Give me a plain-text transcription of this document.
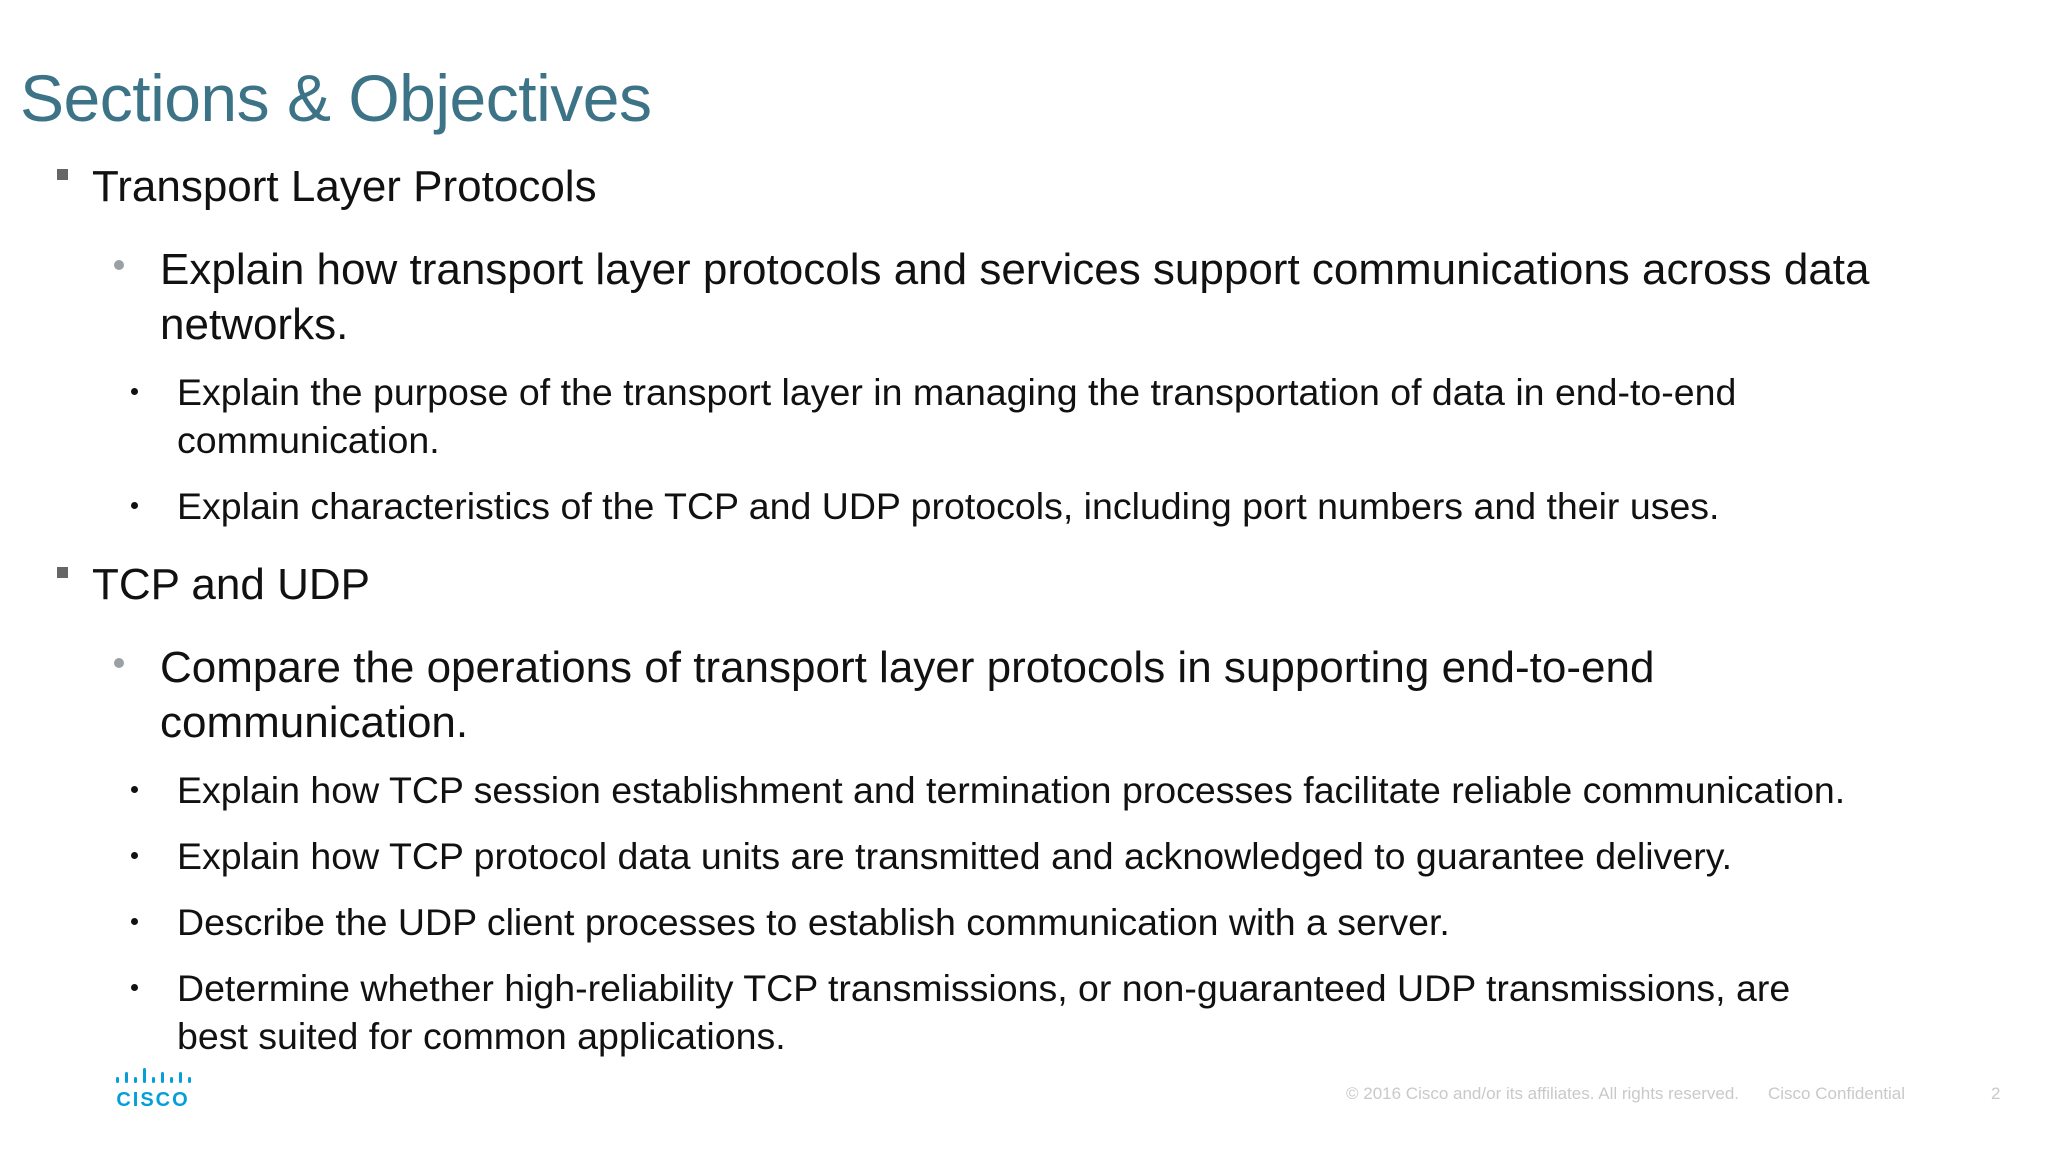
Sections & Objectives
Transport Layer Protocols
Explain how transport layer protocols and services support communications across data
networks.
Explain the purpose of the transport layer in managing the transportation of data in end-to-end
communication.
Explain characteristics of the TCP and UDP protocols, including port numbers and their uses.
TCP and UDP
Compare the operations of transport layer protocols in supporting end-to-end
communication.
Explain how TCP session establishment and termination processes facilitate reliable communication.
Explain how TCP protocol data units are transmitted and acknowledged to guarantee delivery.
Describe the UDP client processes to establish communication with a server.
Determine whether high-reliability TCP transmissions, or non-guaranteed UDP transmissions, are
best suited for common applications.
CISCO	© 2016 Cisco and/or its affiliates. All rights reserved. Cisco Confidential	2
